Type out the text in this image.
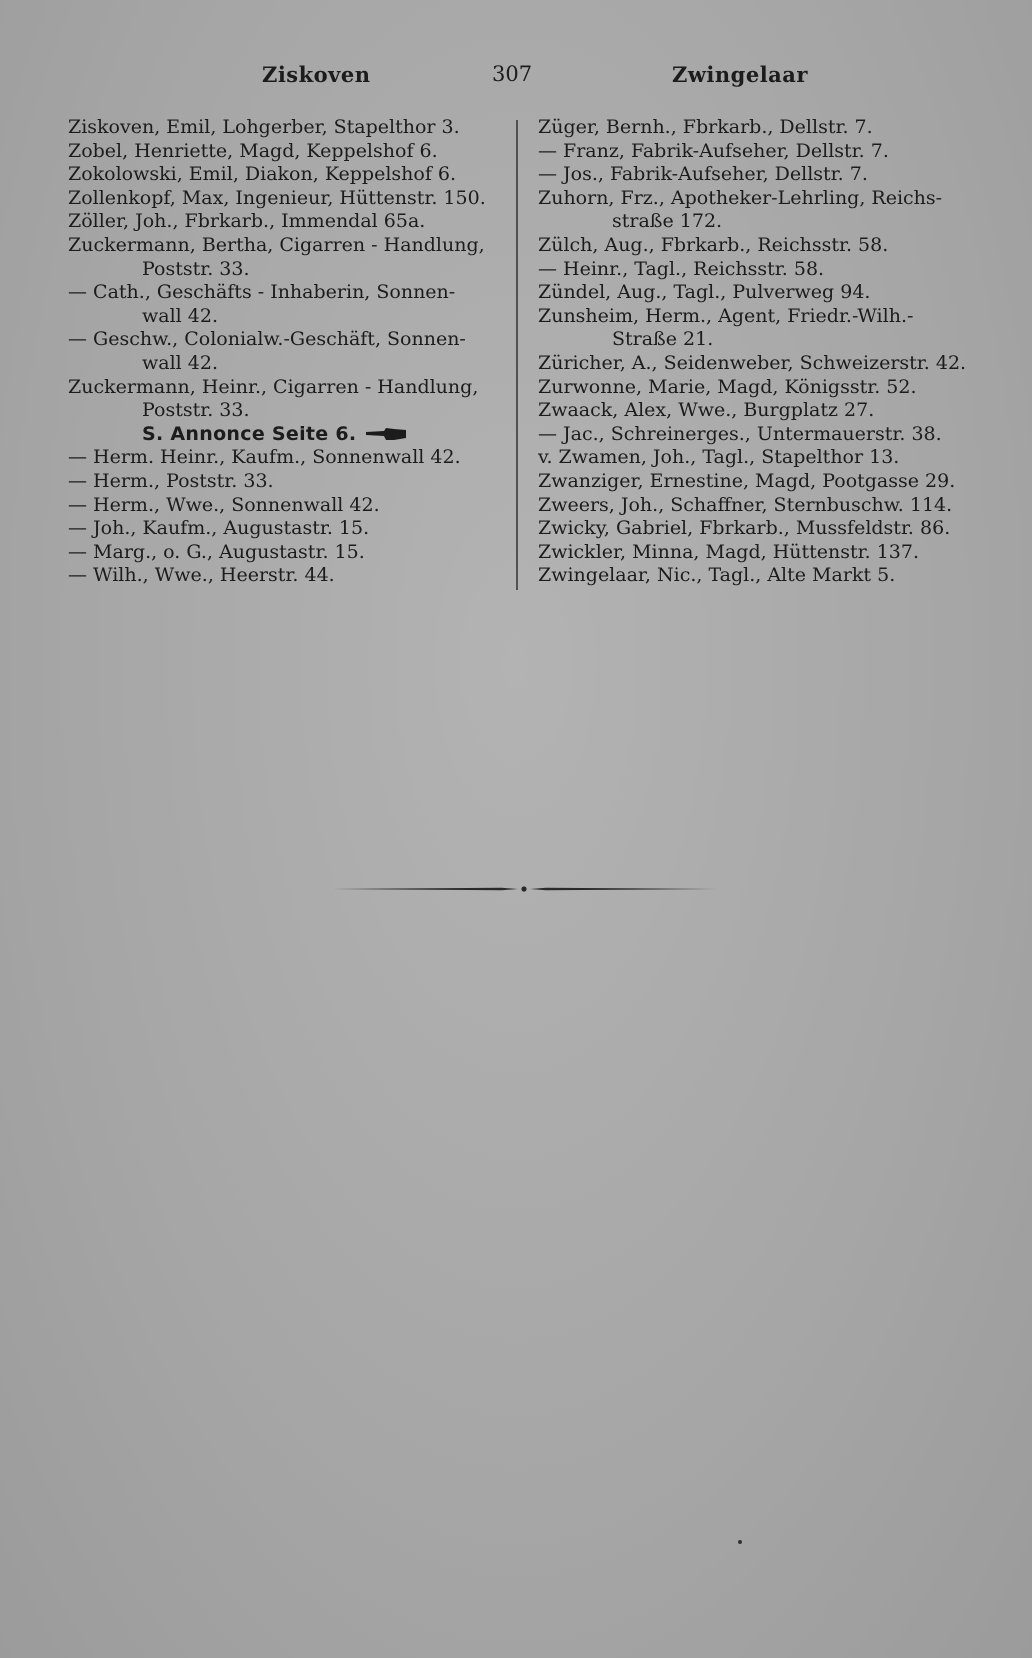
Ziskoven	307	Zwingelaar
Ziskoven, Emil, Lohgerber, Stapelthor 3.
Zobel, Henriette, Magd, Keppelshof 6.
Zokolowski, Emil, Diakon, Keppelshof 6.
Zollenkopf, Max, Ingenieur, Hüttenstr. 150.
Zöller, Joh., Fbrkarb., Immendal 65a.
Zuckermann, Bertha, Cigarren - Handlung,
Poststr. 33.
— Cath., Geschäfts - Inhaberin, Sonnen-
wall 42.
— Geschw., Colonialw.-Geschäft, Sonnen-
wall 42.
Zuckermann, Heinr., Cigarren - Handlung,
Poststr. 33.
S. Annonce Seite 6.
— Herm. Heinr., Kaufm., Sonnenwall 42.
— Herm., Poststr. 33.
— Herm., Wwe., Sonnenwall 42.
— Joh., Kaufm., Augustastr. 15.
— Marg., o. G., Augustastr. 15.
— Wilh., Wwe., Heerstr. 44.
Züger, Bernh., Fbrkarb., Dellstr. 7.
— Franz, Fabrik-Aufseher, Dellstr. 7.
— Jos., Fabrik-Aufseher, Dellstr. 7.
Zuhorn, Frz., Apotheker-Lehrling, Reichs-
straße 172.
Zülch, Aug., Fbrkarb., Reichsstr. 58.
— Heinr., Tagl., Reichsstr. 58.
Zündel, Aug., Tagl., Pulverweg 94.
Zunsheim, Herm., Agent, Friedr.-Wilh.-
Straße 21.
Züricher, A., Seidenweber, Schweizerstr. 42.
Zurwonne, Marie, Magd, Königsstr. 52.
Zwaack, Alex, Wwe., Burgplatz 27.
— Jac., Schreinerges., Untermauerstr. 38.
v. Zwamen, Joh., Tagl., Stapelthor 13.
Zwanziger, Ernestine, Magd, Pootgasse 29.
Zweers, Joh., Schaffner, Sternbuschw. 114.
Zwicky, Gabriel, Fbrkarb., Mussfeldstr. 86.
Zwickler, Minna, Magd, Hüttenstr. 137.
Zwingelaar, Nic., Tagl., Alte Markt 5.
